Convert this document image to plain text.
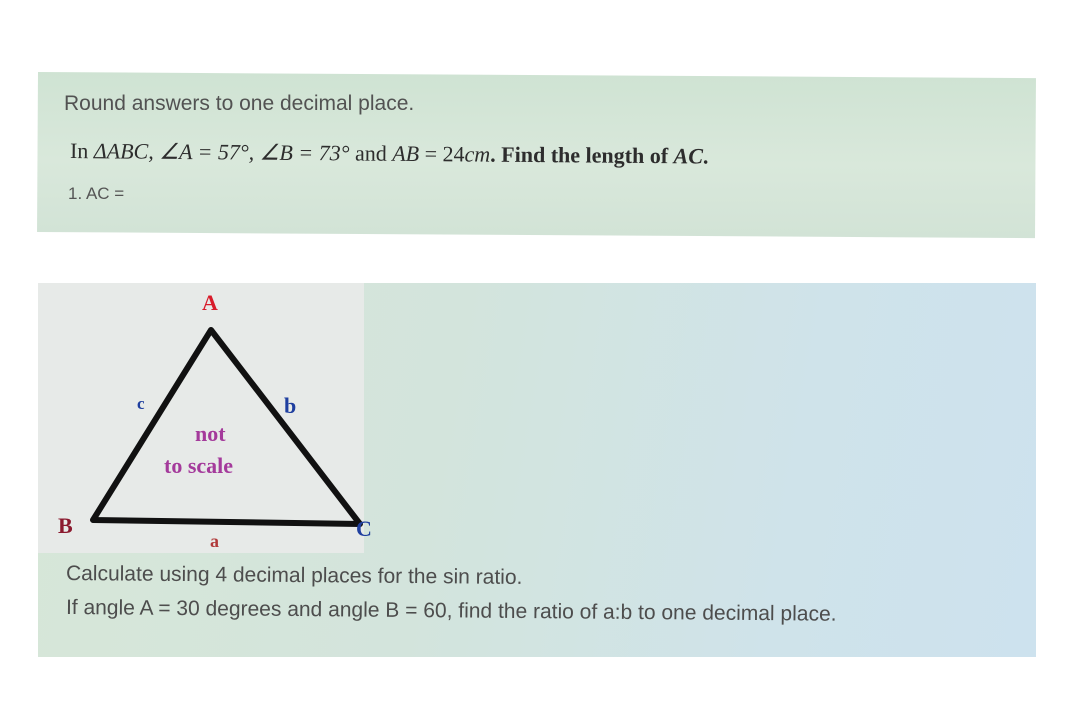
Round answers to one decimal place.
In ΔABC, ∠A = 57°, ∠B = 73° and AB = 24cm. Find the length of AC.
1. AC =
A
B	C
a
b
c
not
to scale
Calculate using 4 decimal places for the sin ratio.
If angle A = 30 degrees and angle B = 60, find the ratio of a:b to one decimal place.
